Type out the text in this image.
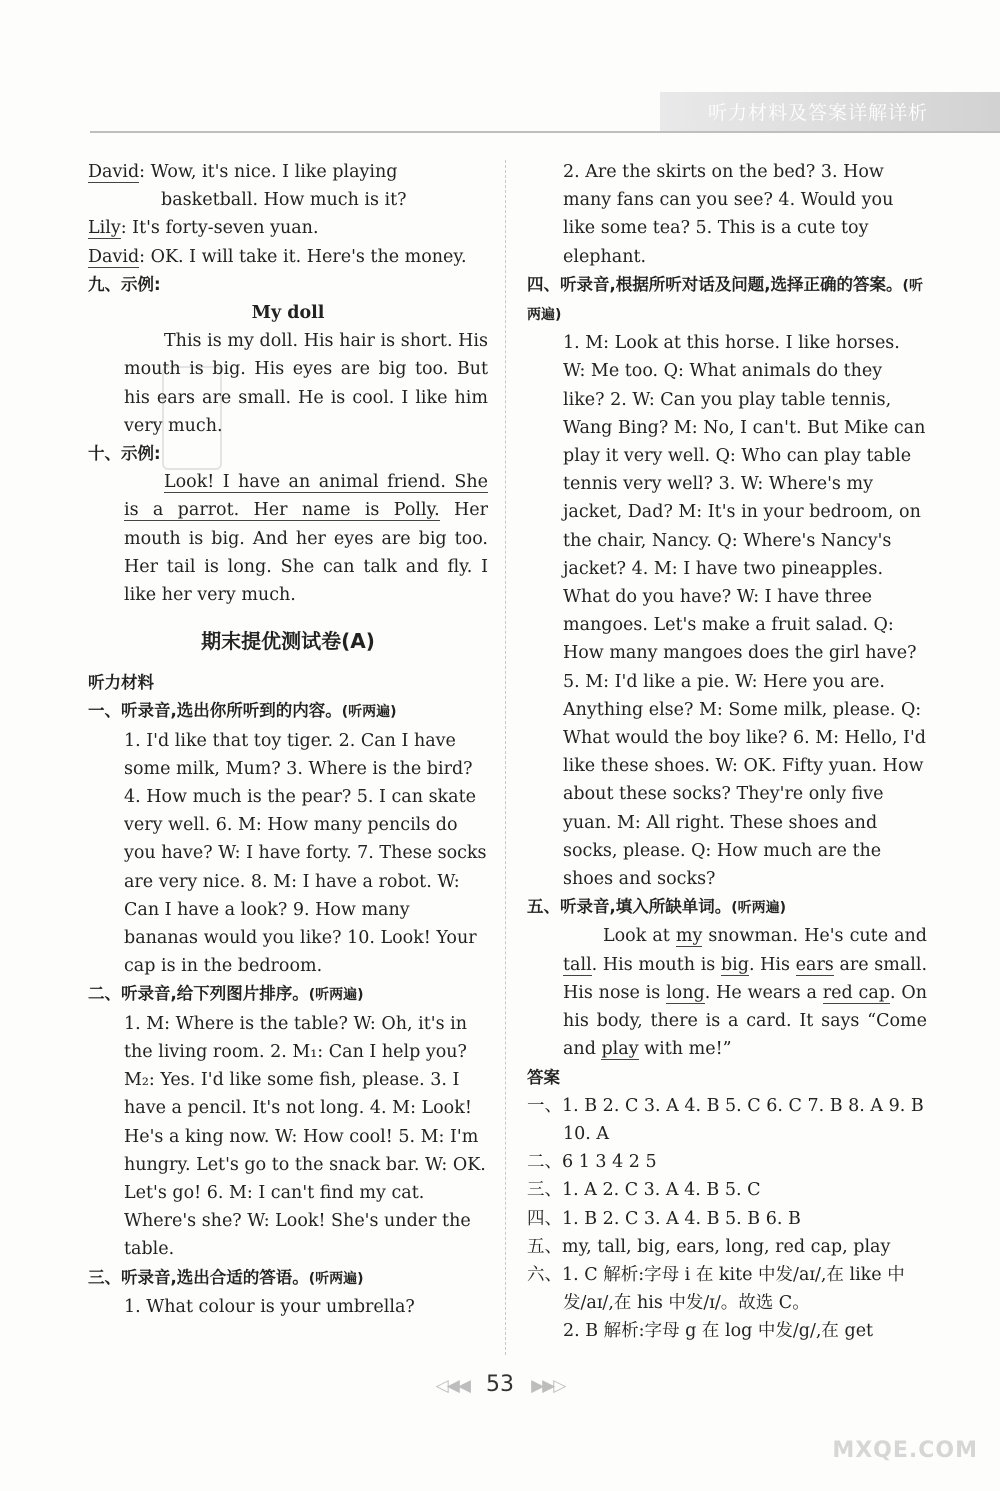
听力材料及答案详解详析

David: Wow, it's nice. I like playing basketball. How much is it?

Lily: It's forty-seven yuan.

David: OK. I will take it. Here's the money.

九、示例:

My doll

This is my doll. His hair is short. His mouth is big. His eyes are big too. But his ears are small. He is cool. I like him very much.

十、示例:

Look! I have an animal friend. She is a parrot. Her name is Polly. Her mouth is big. And her eyes are big too. Her tail is long. She can talk and fly. I like her very much.

期末提优测试卷(A)

听力材料

一、听录音,选出你所听到的内容。(听两遍)

1. I'd like that toy tiger. 2. Can I have some milk, Mum? 3. Where is the bird? 4. How much is the pear? 5. I can skate very well. 6. M: How many pencils do you have? W: I have forty. 7. These socks are very nice. 8. M: I have a robot. W: Can I have a look? 9. How many bananas would you like? 10. Look! Your cap is in the bedroom.

二、听录音,给下列图片排序。(听两遍)

1. M: Where is the table? W: Oh, it's in the living room. 2. M₁: Can I help you? M₂: Yes. I'd like some fish, please. 3. I have a pencil. It's not long. 4. M: Look! He's a king now. W: How cool! 5. M: I'm hungry. Let's go to the snack bar. W: OK. Let's go! 6. M: I can't find my cat. Where's she? W: Look! She's under the table.

三、听录音,选出合适的答语。(听两遍)

1. What colour is your umbrella?

2. Are the skirts on the bed? 3. How many fans can you see? 4. Would you like some tea? 5. This is a cute toy elephant.

四、听录音,根据所听对话及问题,选择正确的答案。(听两遍)

1. M: Look at this horse. I like horses. W: Me too. Q: What animals do they like? 2. W: Can you play table tennis, Wang Bing? M: No, I can't. But Mike can play it very well. Q: Who can play table tennis very well? 3. W: Where's my jacket, Dad? M: It's in your bedroom, on the chair, Nancy. Q: Where's Nancy's jacket? 4. M: I have two pineapples. What do you have? W: I have three mangoes. Let's make a fruit salad. Q: How many mangoes does the girl have? 5. M: I'd like a pie. W: Here you are. Anything else? M: Some milk, please. Q: What would the boy like? 6. M: Hello, I'd like these shoes. W: OK. Fifty yuan. How about these socks? They're only five yuan. M: All right. These shoes and socks, please. Q: How much are the shoes and socks?

五、听录音,填入所缺单词。(听两遍)

Look at my snowman. He's cute and tall. His mouth is big. His ears are small. His nose is long. He wears a red cap. On his body, there is a card. It says “Come and play with me!”

答案

一、1. B 2. C 3. A 4. B 5. C 6. C 7. B 8. A 9. B 10. A

二、6 1 3 4 2 5

三、1. A 2. C 3. A 4. B 5. C

四、1. B 2. C 3. A 4. B 5. B 6. B

五、my, tall, big, ears, long, red cap, play

六、1. C 解析:字母 i 在 kite 中发/aɪ/,在 like 中发/aɪ/,在 his 中发/ɪ/。故选 C。

2. B 解析:字母 g 在 log 中发/g/,在 get

◁◀◀ 53 ▶▶▷
MXQE.COM
